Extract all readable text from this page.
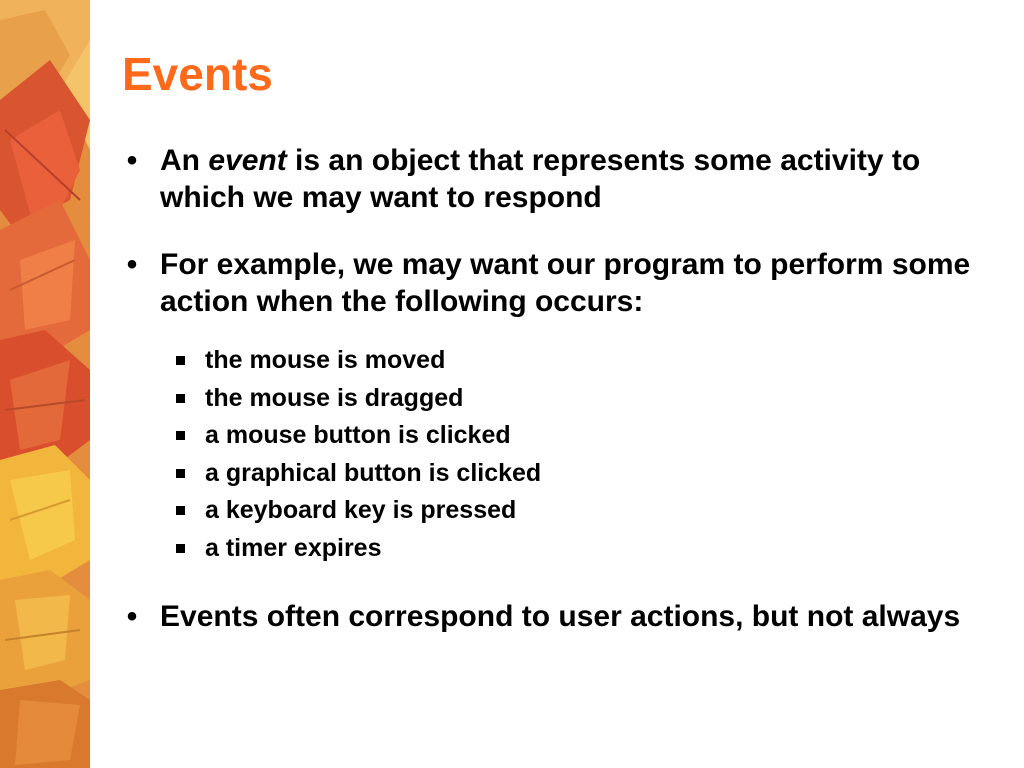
Events
• An event is an object that represents some activity to which we may want to respond
• For example, we may want our program to perform some action when the following occurs:
the mouse is moved
the mouse is dragged
a mouse button is clicked
a graphical button is clicked
a keyboard key is pressed
a timer expires
• Events often correspond to user actions, but not always
